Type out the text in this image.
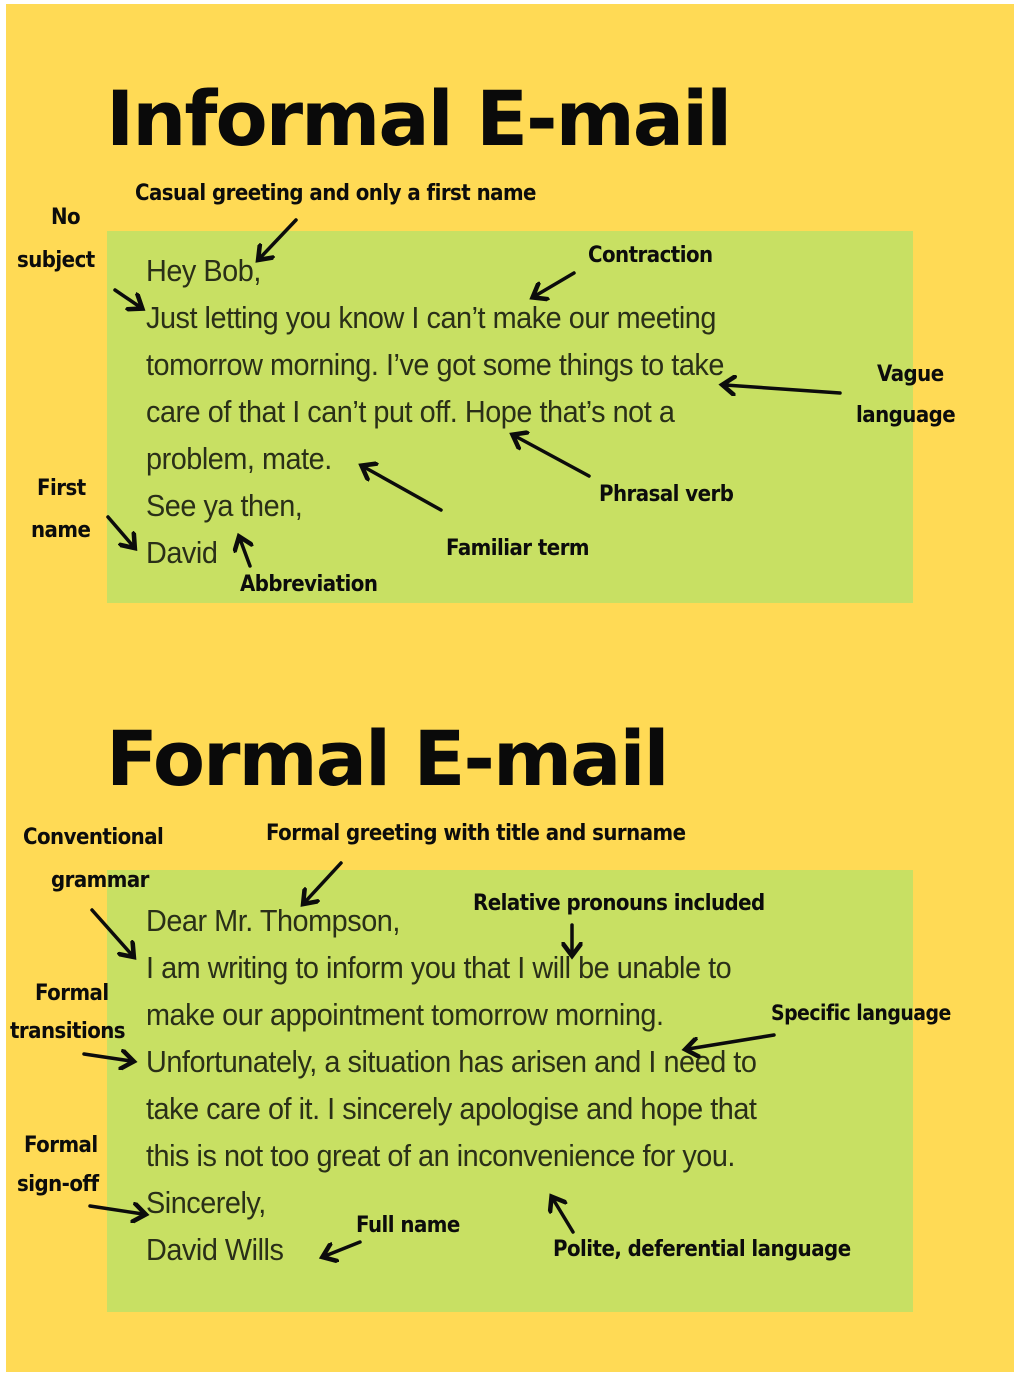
Informal E-mail
Hey Bob,
Just letting you know I can’t make our meeting
tomorrow morning. I’ve got some things to take
care of that I can’t put off. Hope that’s not a
problem, mate.
See ya then,
David
Casual greeting and only a first name
No
subject	Contraction
Vague
language
Phrasal verb
First
name
Familiar term
Abbreviation
Formal E-mail
Dear Mr. Thompson,
I am writing to inform you that I will be unable to
make our appointment tomorrow morning.
Unfortunately, a situation has arisen and I need to
take care of it. I sincerely apologise and hope that
this is not too great of an inconvenience for you.
Sincerely,
David Wills
Conventional
grammar
Formal greeting with title and surname
Relative pronouns included
Formal
transitions
Specific language
Formal
sign-off
Full name
Polite, deferential language
